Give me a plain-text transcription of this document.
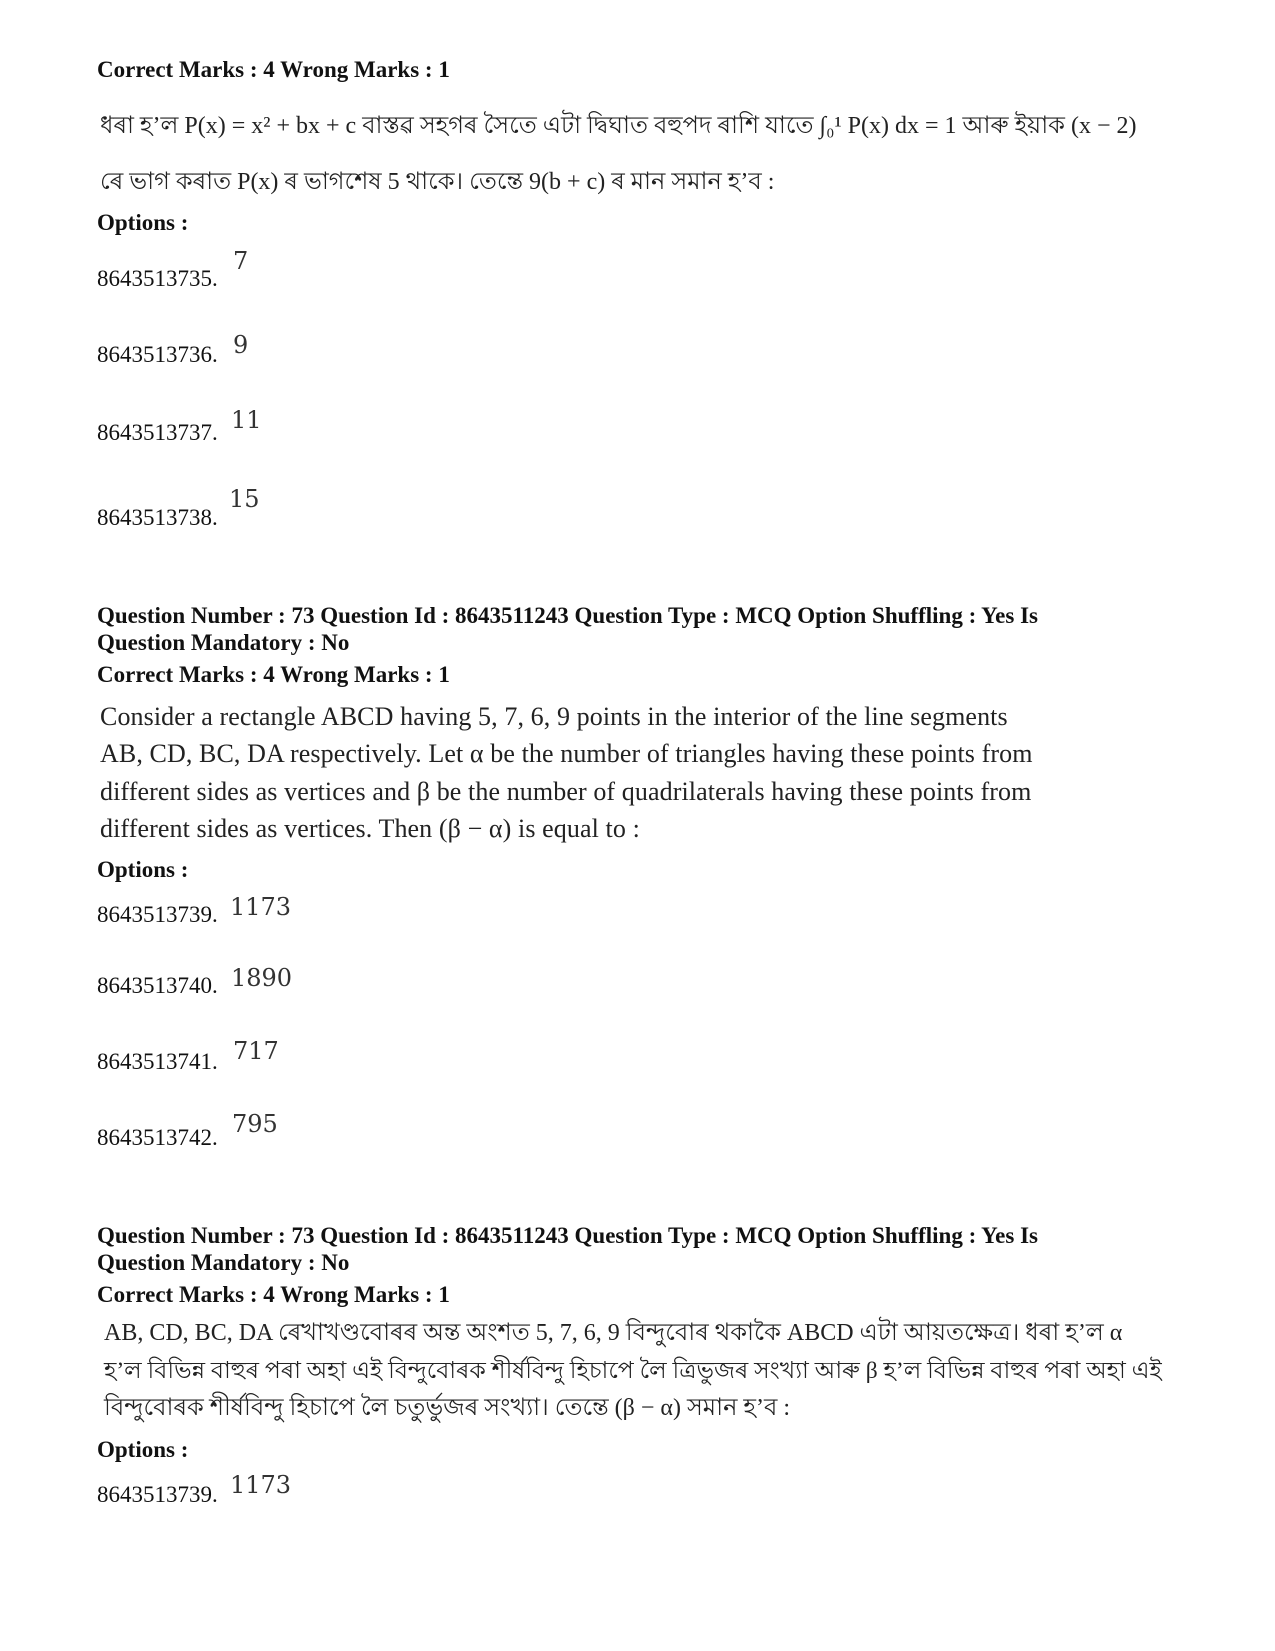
Correct Marks : 4 Wrong Marks : 1
ধৰা হ’ল P(x) = x² + bx + c বাস্তৱ সহগৰ সৈতে এটা দ্বিঘাত বহুপদ ৰাশি যাতে ∫₀¹ P(x) dx = 1 আৰু ইয়াক (x − 2)
ৰে ভাগ কৰাত P(x) ৰ ভাগশেষ 5 থাকে। তেন্তে 9(b + c) ৰ মান সমান হ’ব :
Options :
8643513735.
7
8643513736. 9
8643513737. 11
8643513738.
15
Question Number : 73 Question Id : 8643511243 Question Type : MCQ Option Shuffling : Yes Is
Question Mandatory : No
Correct Marks : 4 Wrong Marks : 1
Consider a rectangle ABCD having 5, 7, 6, 9 points in the interior of the line segments
AB, CD, BC, DA respectively. Let α be the number of triangles having these points from
different sides as vertices and β be the number of quadrilaterals having these points from
different sides as vertices. Then (β − α) is equal to :
Options :
8643513739. 1173
8643513740. 1890
8643513741. 717
8643513742. 795
Question Number : 73 Question Id : 8643511243 Question Type : MCQ Option Shuffling : Yes Is
Question Mandatory : No
Correct Marks : 4 Wrong Marks : 1
AB, CD, BC, DA ৰেখাখণ্ডবোৰৰ অন্ত অংশত 5, 7, 6, 9 বিন্দুবোৰ থকাকৈ ABCD এটা আয়তক্ষেত্ৰ। ধৰা হ’ল α
হ’ল বিভিন্ন বাহুৰ পৰা অহা এই বিন্দুবোৰক শীৰ্ষবিন্দু হিচাপে লৈ ত্ৰিভুজৰ সংখ্যা আৰু β হ’ল বিভিন্ন বাহুৰ পৰা অহা এই
বিন্দুবোৰক শীৰ্ষবিন্দু হিচাপে লৈ চতুৰ্ভুজৰ সংখ্যা। তেন্তে (β − α) সমান হ’ব :
Options :
8643513739. 1173
